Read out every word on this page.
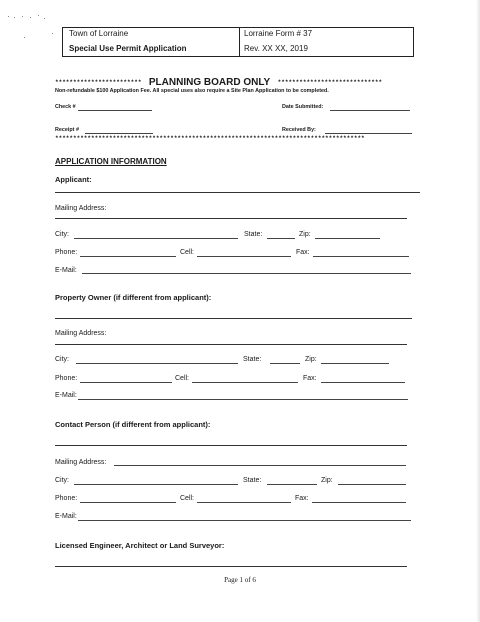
Town of Lorraine	Lorraine Form # 37
Special Use Permit Application	Rev. XX XX, 2019
************************ PLANNING BOARD ONLY *****************************
Non-refundable $100 Application Fee. All special uses also require a Site Plan Application to be completed.
Check #	Date Submitted:
Receipt #	Received By:
**************************************************************************************
APPLICATION INFORMATION
Applicant:
Mailing Address:
City:	State:	Zip:
Phone:	Cell:	Fax:
E-Mail:
Property Owner (if different from applicant):
Mailing Address:
City:	State:	Zip:
Phone:	Cell:	Fax:
E-Mail:
Contact Person (if different from applicant):
Mailing Address:
City:	State:	Zip:
Phone:	Cell:	Fax:
E-Mail:
Licensed Engineer, Architect or Land Surveyor:
Page 1 of 6
